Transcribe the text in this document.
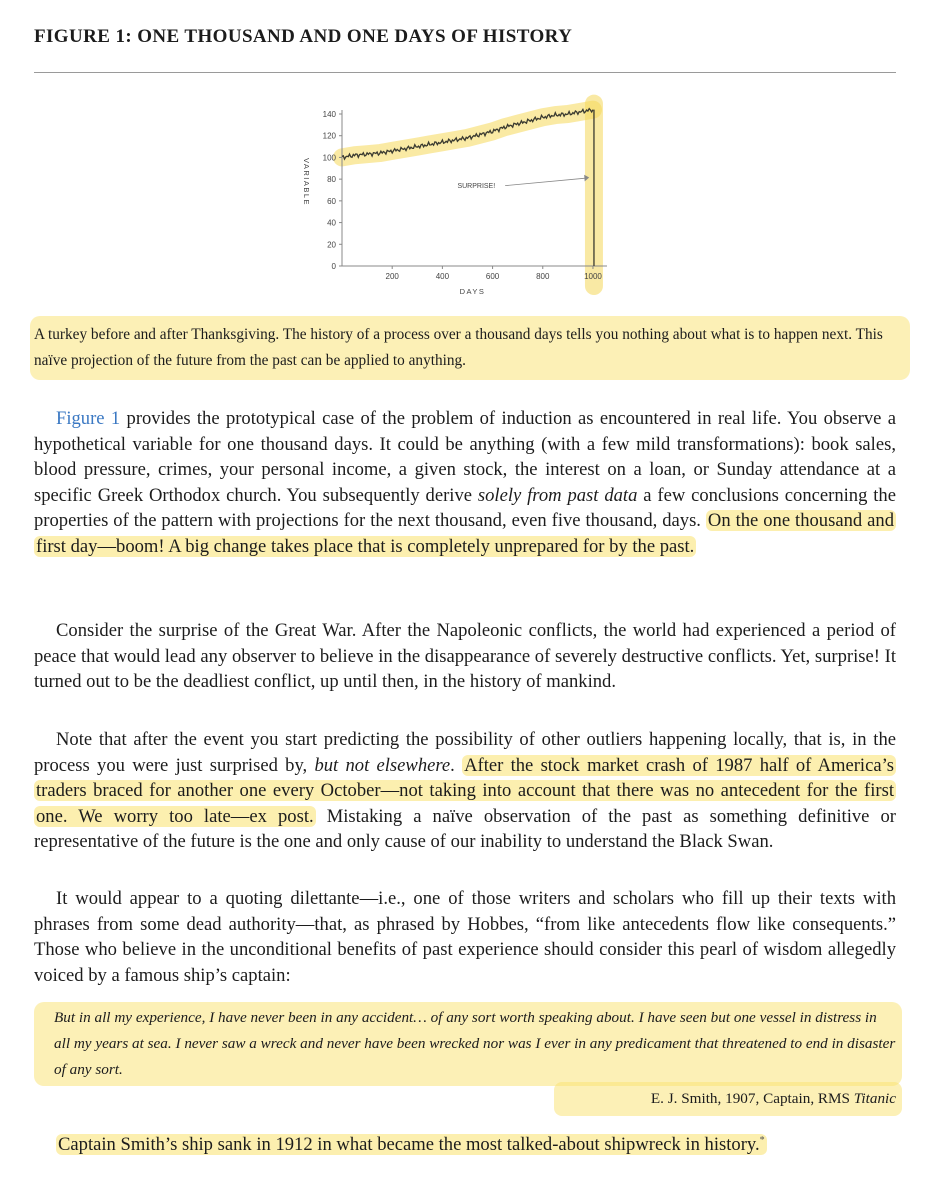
FIGURE 1: ONE THOUSAND AND ONE DAYS OF HISTORY
0
20
40
60
80
100
120
140
200	400	600	800	1000
DAYS
VARIABLE	SURPRISE!
A turkey before and after Thanksgiving. The history of a process over a thousand days tells you nothing about what is to happen next. This naïve projection of the future from the past can be applied to anything.

Figure 1 provides the prototypical case of the problem of induction as encountered in real life. You observe a hypothetical variable for one thousand days. It could be anything (with a few mild transformations): book sales, blood pressure, crimes, your personal income, a given stock, the interest on a loan, or Sunday attendance at a specific Greek Orthodox church. You subsequently derive solely from past data a few conclusions concerning the properties of the pattern with projections for the next thousand, even five thousand, days. On the one thousand and first day—boom! A big change takes place that is completely unprepared for by the past.

Consider the surprise of the Great War. After the Napoleonic conflicts, the world had experienced a period of peace that would lead any observer to believe in the disappearance of severely destructive conflicts. Yet, surprise! It turned out to be the deadliest conflict, up until then, in the history of mankind.

Note that after the event you start predicting the possibility of other outliers happening locally, that is, in the process you were just surprised by, but not elsewhere. After the stock market crash of 1987 half of America’s traders braced for another one every October—not taking into account that there was no antecedent for the first one. We worry too late—ex post. Mistaking a naïve observation of the past as something definitive or representative of the future is the one and only cause of our inability to understand the Black Swan.

It would appear to a quoting dilettante—i.e., one of those writers and scholars who fill up their texts with phrases from some dead authority—that, as phrased by Hobbes, “from like antecedents flow like consequents.” Those who believe in the unconditional benefits of past experience should consider this pearl of wisdom allegedly voiced by a famous ship’s captain:

But in all my experience, I have never been in any accident… of any sort worth speaking about. I have seen but one vessel in distress in all my years at sea. I never saw a wreck and never have been wrecked nor was I ever in any predicament that threatened to end in disaster of any sort.
E. J. Smith, 1907, Captain, RMS Titanic

Captain Smith’s ship sank in 1912 in what became the most talked-about shipwreck in history.*
